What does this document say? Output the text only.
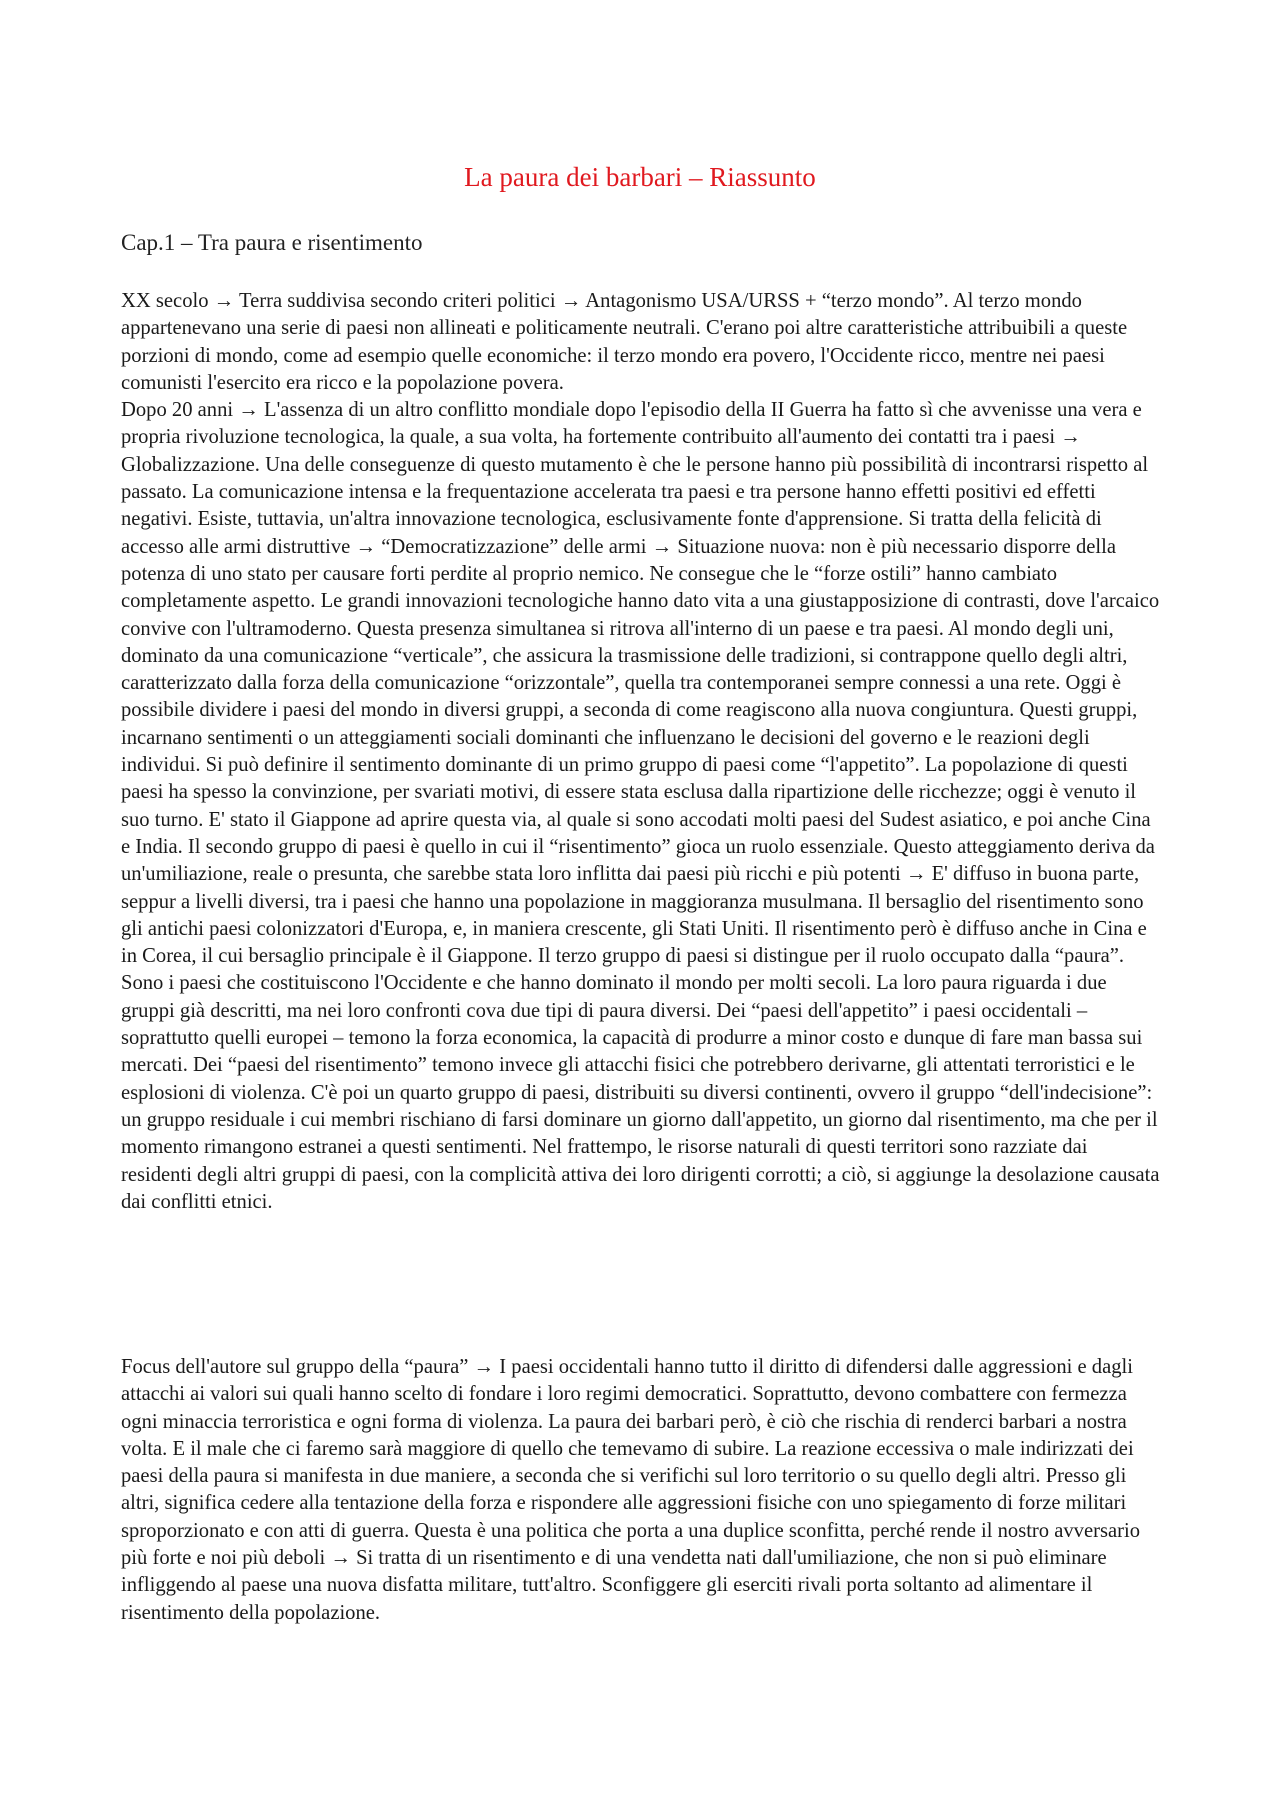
La paura dei barbari – Riassunto
Cap.1 – Tra paura e risentimento

XX secolo → Terra suddivisa secondo criteri politici → Antagonismo USA/URSS + “terzo mondo”. Al terzo mondo appartenevano una serie di paesi non allineati e politicamente neutrali. C'erano poi altre caratteristiche attribuibili a queste porzioni di mondo, come ad esempio quelle economiche: il terzo mondo era povero, l'Occidente ricco, mentre nei paesi comunisti l'esercito era ricco e la popolazione povera.
Dopo 20 anni → L'assenza di un altro conflitto mondiale dopo l'episodio della II Guerra ha fatto sì che avvenisse una vera e propria rivoluzione tecnologica, la quale, a sua volta, ha fortemente contribuito all'aumento dei contatti tra i paesi → Globalizzazione. Una delle conseguenze di questo mutamento è che le persone hanno più possibilità di incontrarsi rispetto al passato. La comunicazione intensa e la frequentazione accelerata tra paesi e tra persone hanno effetti positivi ed effetti negativi. Esiste, tuttavia, un'altra innovazione tecnologica, esclusivamente fonte d'apprensione. Si tratta della felicità di accesso alle armi distruttive → “Democratizzazione” delle armi → Situazione nuova: non è più necessario disporre della potenza di uno stato per causare forti perdite al proprio nemico. Ne consegue che le “forze ostili” hanno cambiato completamente aspetto. Le grandi innovazioni tecnologiche hanno dato vita a una giustapposizione di contrasti, dove l'arcaico convive con l'ultramoderno. Questa presenza simultanea si ritrova all'interno di un paese e tra paesi. Al mondo degli uni, dominato da una comunicazione “verticale”, che assicura la trasmissione delle tradizioni, si contrappone quello degli altri, caratterizzato dalla forza della comunicazione “orizzontale”, quella tra contemporanei sempre connessi a una rete. Oggi è possibile dividere i paesi del mondo in diversi gruppi, a seconda di come reagiscono alla nuova congiuntura. Questi gruppi, incarnano sentimenti o un atteggiamenti sociali dominanti che influenzano le decisioni del governo e le reazioni degli individui. Si può definire il sentimento dominante di un primo gruppo di paesi come “l'appetito”. La popolazione di questi paesi ha spesso la convinzione, per svariati motivi, di essere stata esclusa dalla ripartizione delle ricchezze; oggi è venuto il suo turno. E' stato il Giappone ad aprire questa via, al quale si sono accodati molti paesi del Sudest asiatico, e poi anche Cina e India. Il secondo gruppo di paesi è quello in cui il “risentimento” gioca un ruolo essenziale. Questo atteggiamento deriva da un'umiliazione, reale o presunta, che sarebbe stata loro inflitta dai paesi più ricchi e più potenti → E' diffuso in buona parte, seppur a livelli diversi, tra i paesi che hanno una popolazione in maggioranza musulmana. Il bersaglio del risentimento sono gli antichi paesi colonizzatori d'Europa, e, in maniera crescente, gli Stati Uniti. Il risentimento però è diffuso anche in Cina e in Corea, il cui bersaglio principale è il Giappone. Il terzo gruppo di paesi si distingue per il ruolo occupato dalla “paura”. Sono i paesi che costituiscono l'Occidente e che hanno dominato il mondo per molti secoli. La loro paura riguarda i due gruppi già descritti, ma nei loro confronti cova due tipi di paura diversi. Dei “paesi dell'appetito” i paesi occidentali – soprattutto quelli europei – temono la forza economica, la capacità di produrre a minor costo e dunque di fare man bassa sui mercati. Dei “paesi del risentimento” temono invece gli attacchi fisici che potrebbero derivarne, gli attentati terroristici e le esplosioni di violenza. C'è poi un quarto gruppo di paesi, distribuiti su diversi continenti, ovvero il gruppo “dell'indecisione”: un gruppo residuale i cui membri rischiano di farsi dominare un giorno dall'appetito, un giorno dal risentimento, ma che per il momento rimangono estranei a questi sentimenti. Nel frattempo, le risorse naturali di questi territori sono razziate dai residenti degli altri gruppi di paesi, con la complicità attiva dei loro dirigenti corrotti; a ciò, si aggiunge la desolazione causata dai conflitti etnici.

Focus dell'autore sul gruppo della “paura” → I paesi occidentali hanno tutto il diritto di difendersi dalle aggressioni e dagli attacchi ai valori sui quali hanno scelto di fondare i loro regimi democratici. Soprattutto, devono combattere con fermezza ogni minaccia terroristica e ogni forma di violenza. La paura dei barbari però, è ciò che rischia di renderci barbari a nostra volta. E il male che ci faremo sarà maggiore di quello che temevamo di subire. La reazione eccessiva o male indirizzati dei paesi della paura si manifesta in due maniere, a seconda che si verifichi sul loro territorio o su quello degli altri. Presso gli altri, significa cedere alla tentazione della forza e rispondere alle aggressioni fisiche con uno spiegamento di forze militari sproporzionato e con atti di guerra. Questa è una politica che porta a una duplice sconfitta, perché rende il nostro avversario più forte e noi più deboli → Si tratta di un risentimento e di una vendetta nati dall'umiliazione, che non si può eliminare infliggendo al paese una nuova disfatta militare, tutt'altro. Sconfiggere gli eserciti rivali porta soltanto ad alimentare il risentimento della popolazione.
